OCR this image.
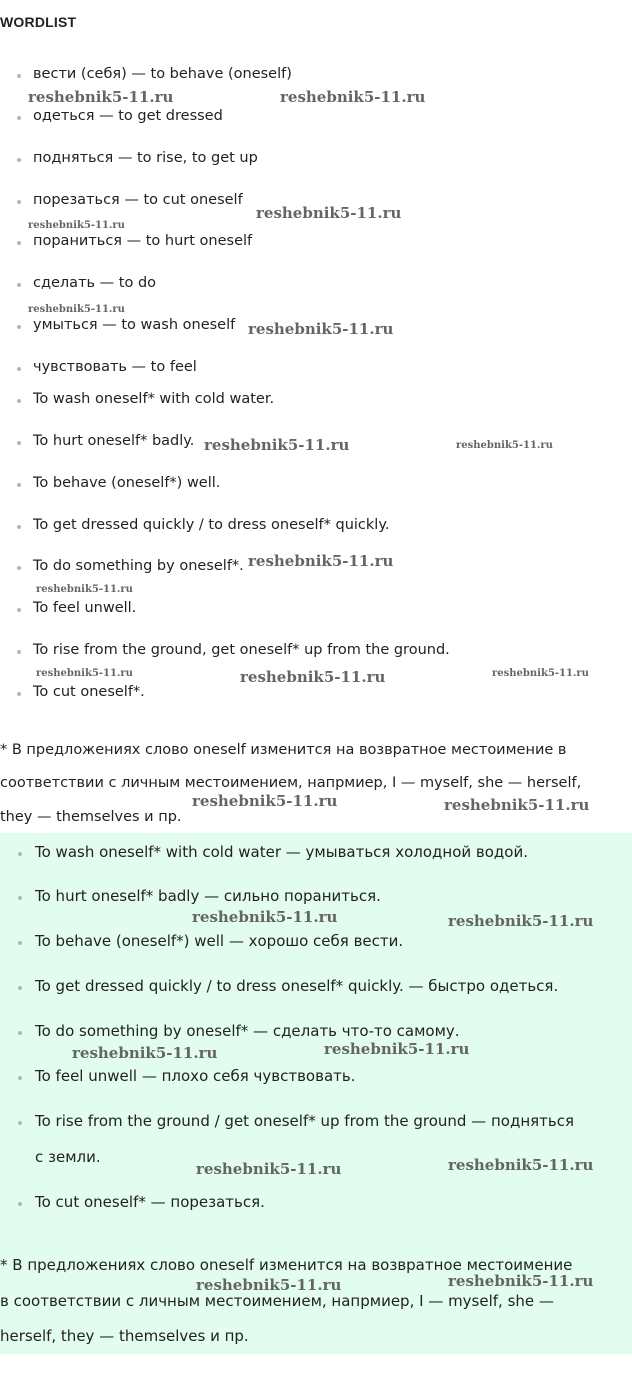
WORDLIST
вести (себя) — to behave (oneself)
одеться — to get dressed
подняться — to rise, to get up
порезаться — to cut oneself
пораниться — to hurt oneself
сделать — to do
умыться — to wash oneself
чувствовать — to feel
To wash oneself* with cold water.
To hurt oneself* badly.
To behave (oneself*) well.
To get dressed quickly / to dress oneself* quickly.
To do something by oneself*.
To feel unwell.
To rise from the ground, get oneself* up from the ground.
To cut oneself*.
* В предложениях слово oneself изменится на возвратное местоимение в
соответствии с личным местоимением, напрмиер, I — myself, she — herself,
they — themselves и пр.
To wash oneself* with cold water — умываться холодной водой.
To hurt oneself* badly — сильно пораниться.
To behave (oneself*) well — хорошо себя вести.
To get dressed quickly / to dress oneself* quickly. — быстро одеться.
To do something by oneself* — сделать что-то самому.
To feel unwell — плохо себя чувствовать.
To rise from the ground / get oneself* up from the ground — подняться
с земли.
To cut oneself* — порезаться.
* В предложениях слово oneself изменится на возвратное местоимение
в соответствии с личным местоимением, напрмиер, I — myself, she —
herself, they — themselves и пр.
reshebnik5-11.ru	reshebnik5-11.ru
reshebnik5-11.ru
reshebnik5-11.ru
reshebnik5-11.ru
reshebnik5-11.ru
reshebnik5-11.ru	reshebnik5-11.ru
reshebnik5-11.ru
reshebnik5-11.ru
reshebnik5-11.ru	reshebnik5-11.ru	reshebnik5-11.ru
reshebnik5-11.ru	reshebnik5-11.ru
reshebnik5-11.ru	reshebnik5-11.ru
reshebnik5-11.ru
reshebnik5-11.ru
reshebnik5-11.ru
reshebnik5-11.ru
reshebnik5-11.ru
reshebnik5-11.ru
